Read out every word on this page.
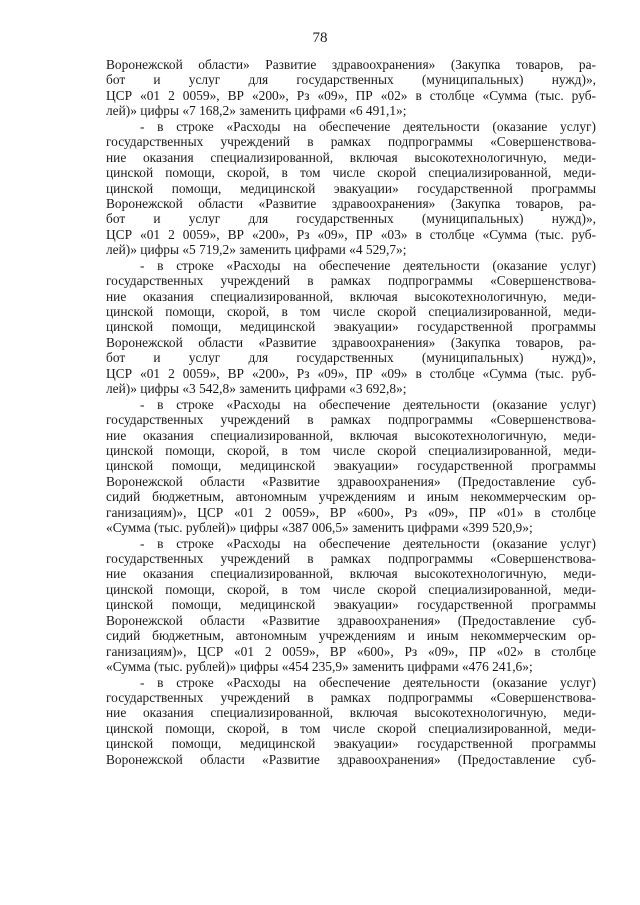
78
Воронежской области» Развитие здравоохранения» (Закупка товаров, ра-
бот и услуг для государственных (муниципальных) нужд)»,
ЦСР «01 2 0059», ВР «200», Рз «09», ПР «02» в столбце «Сумма (тыс. руб-
лей)» цифры «7 168,2» заменить цифрами «6 491,1»;
- в строке «Расходы на обеспечение деятельности (оказание услуг)
государственных учреждений в рамках подпрограммы «Совершенствова-
ние оказания специализированной, включая высокотехнологичную, меди-
цинской помощи, скорой, в том числе скорой специализированной, меди-
цинской помощи, медицинской эвакуации» государственной программы
Воронежской области «Развитие здравоохранения» (Закупка товаров, ра-
бот и услуг для государственных (муниципальных) нужд)»,
ЦСР «01 2 0059», ВР «200», Рз «09», ПР «03» в столбце «Сумма (тыс. руб-
лей)» цифры «5 719,2» заменить цифрами «4 529,7»;
- в строке «Расходы на обеспечение деятельности (оказание услуг)
государственных учреждений в рамках подпрограммы «Совершенствова-
ние оказания специализированной, включая высокотехнологичную, меди-
цинской помощи, скорой, в том числе скорой специализированной, меди-
цинской помощи, медицинской эвакуации» государственной программы
Воронежской области «Развитие здравоохранения» (Закупка товаров, ра-
бот и услуг для государственных (муниципальных) нужд)»,
ЦСР «01 2 0059», ВР «200», Рз «09», ПР «09» в столбце «Сумма (тыс. руб-
лей)» цифры «3 542,8» заменить цифрами «3 692,8»;
- в строке «Расходы на обеспечение деятельности (оказание услуг)
государственных учреждений в рамках подпрограммы «Совершенствова-
ние оказания специализированной, включая высокотехнологичную, меди-
цинской помощи, скорой, в том числе скорой специализированной, меди-
цинской помощи, медицинской эвакуации» государственной программы
Воронежской области «Развитие здравоохранения» (Предоставление суб-
сидий бюджетным, автономным учреждениям и иным некоммерческим ор-
ганизациям)», ЦСР «01 2 0059», ВР «600», Рз «09», ПР «01» в столбце
«Сумма (тыс. рублей)» цифры «387 006,5» заменить цифрами «399 520,9»;
- в строке «Расходы на обеспечение деятельности (оказание услуг)
государственных учреждений в рамках подпрограммы «Совершенствова-
ние оказания специализированной, включая высокотехнологичную, меди-
цинской помощи, скорой, в том числе скорой специализированной, меди-
цинской помощи, медицинской эвакуации» государственной программы
Воронежской области «Развитие здравоохранения» (Предоставление суб-
сидий бюджетным, автономным учреждениям и иным некоммерческим ор-
ганизациям)», ЦСР «01 2 0059», ВР «600», Рз «09», ПР «02» в столбце
«Сумма (тыс. рублей)» цифры «454 235,9» заменить цифрами «476 241,6»;
- в строке «Расходы на обеспечение деятельности (оказание услуг)
государственных учреждений в рамках подпрограммы «Совершенствова-
ние оказания специализированной, включая высокотехнологичную, меди-
цинской помощи, скорой, в том числе скорой специализированной, меди-
цинской помощи, медицинской эвакуации» государственной программы
Воронежской области «Развитие здравоохранения» (Предоставление суб-
